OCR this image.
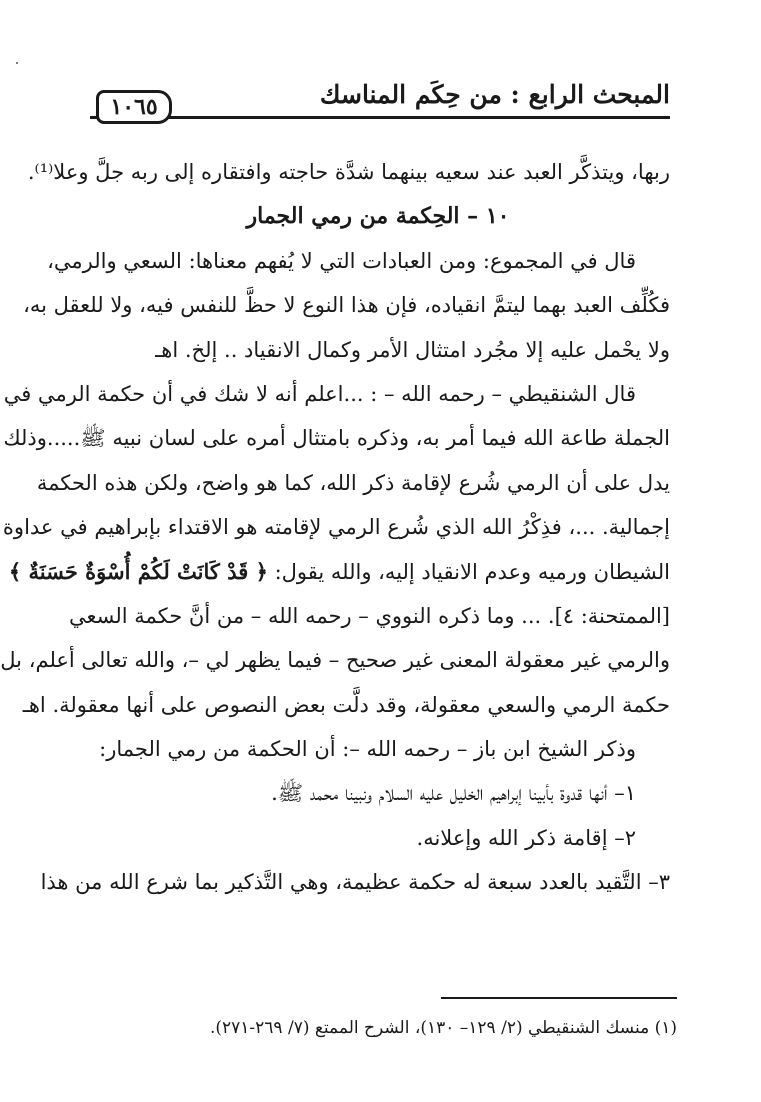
المبحث الرابع : من حِكَم المناسك
١٠٦٥
ربها، ويتذكَّر العبد عند سعيه بينهما شدَّة حاجته وافتقاره إلى ربه جلَّ وعلا⁽¹⁾.
١٠ – الحِكمة من رمي الجمار
قال في المجموع: ومن العبادات التي لا يُفهم معناها: السعي والرمي،
فكُلِّف العبد بهما ليتمَّ انقياده، فإن هذا النوع لا حظَّ للنفس فيه، ولا للعقل به،
ولا يحْمل عليه إلا مجُرد امتثال الأمر وكمال الانقياد .. إلخ. اهـ
قال الشنقيطي – رحمه الله – : ...اعلم أنه لا شك في أن حكمة الرمي في
الجملة طاعة الله فيما أمر به، وذكره بامتثال أمره على لسان نبيه ﷺ.....وذلك
يدل على أن الرمي شُرع لإقامة ذكر الله، كما هو واضح، ولكن هذه الحكمة
إجمالية. ...، فذِكْرُ الله الذي شُرع الرمي لإقامته هو الاقتداء بإبراهيم في عداوة
الشيطان ورميه وعدم الانقياد إليه، والله يقول: ﴿ قَدْ كَانَتْ لَكُمْ أُسْوَةٌ حَسَنَةٌ ﴾
[الممتحنة: ٤]. ... وما ذكره النووي – رحمه الله – من أنَّ حكمة السعي
والرمي غير معقولة المعنى غير صحيح – فيما يظهر لي –، والله تعالى أعلم، بل
حكمة الرمي والسعي معقولة، وقد دلَّت بعض النصوص على أنها معقولة. اهـ
وذكر الشيخ ابن باز – رحمه الله –: أن الحكمة من رمي الجمار:
١– أنها قدوة بأبينا إبراهيم الخليل عليه السلام ونبينا محمد ﷺ.
٢– إقامة ذكر الله وإعلانه.
٣– التَّقيد بالعدد سبعة له حكمة عظيمة، وهي التَّذكير بما شرع الله من هذا
(١) منسك الشنقيطي (٢/ ١٢٩– ١٣٠)، الشرح الممتع (٧/ ٢٦٩-٢٧١).
